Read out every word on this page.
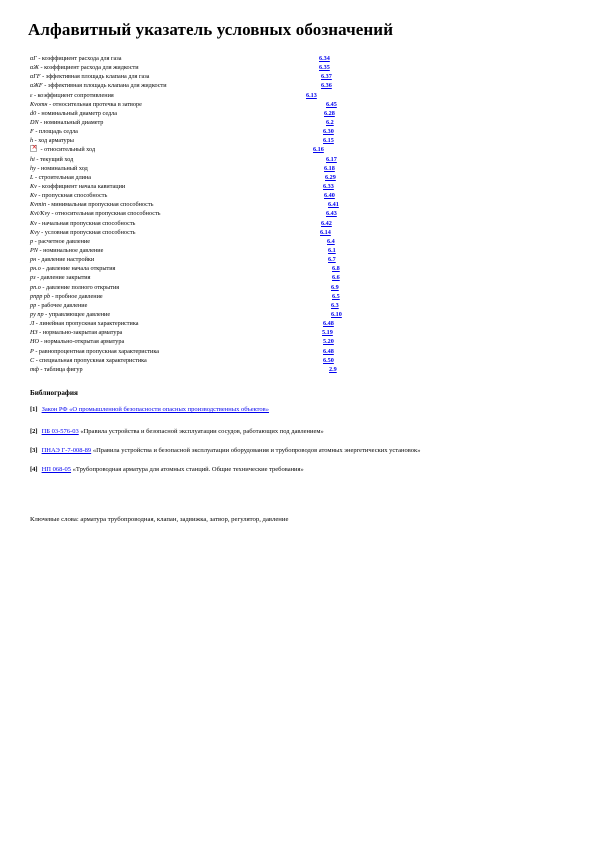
Алфавитный указатель условных обозначений
αГ - коэффициент расхода для газа	6.34
αЖ - коэффициент расхода для жидкости	6.35
αГF - эффективная площадь клапана для газа	6.37
αЖF - эффективная площадь клапана для жидкости	6.36
ε - коэффициент сопротивления	6.13
Kvотн - относительная протечка в затворе	6.45
d0 - номинальный диаметр седла	6.28
DN - номинальный диаметр	6.2
F - площадь седла	6.30
h - ход арматуры	6.15
× - относительный ход	6.16
hi - текущий ход	6.17
hy - номинальный ход	6.18
L - строительная длина	6.29
Kv - коэффициент начала кавитации	6.33
Kv - пропускная способность	6.40
Kvmin - минимальная пропускная способность	6.41
Kvi/Kvy - относительная пропускная способность	6.43
Kv - начальная пропускная способность	6.42
Kvy - условная пропускная способность	6.14
p - расчетное давление	6.4
PN - номинальное давление	6.1
pн - давление настройки	6.7
pн.о - давление начала открытия	6.8
pз - давление закрытия	6.6
pп.о - давление полного открытия	6.9
pпрр pb - пробное давление	6.5
pр - рабочее давление	6.3
pу пр - управляющее давление	6.10
Л - линейная пропускная характеристика	6.48
НЗ - нормально-закрытая арматура	5.19
НО - нормально-открытая арматура	5.20
Р - равнопроцентная пропускная характеристика	6.48
С - специальная пропускная характеристика	6.50
тф - таблица фигур	2.9
Библиография
[1] Закон РФ «О промышленной безопасности опасных производственных объектов»
[2] ПБ 03-576-03 «Правила устройства и безопасной эксплуатации сосудов, работающих под давлением»
[3] ПНАЭ Г-7-008-89 «Правила устройства и безопасной эксплуатации оборудования и трубопроводов атомных энергетических установок»
[4] НП 068-05 «Трубопроводная арматура для атомных станций. Общие технические требования»
Ключевые слова: арматура трубопроводная, клапан, задвижка, затвор, регулятор, давление
